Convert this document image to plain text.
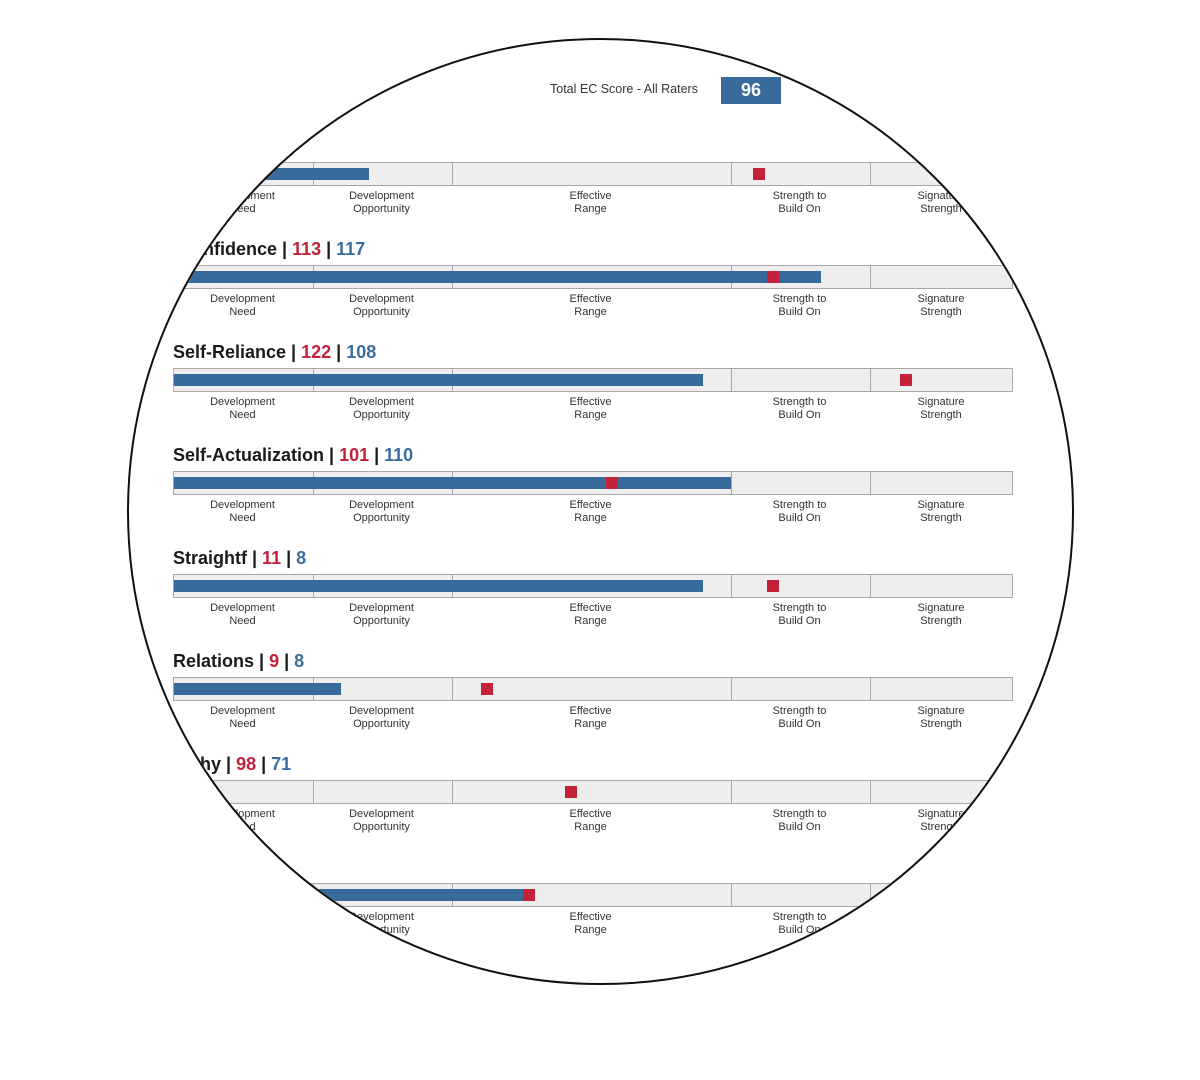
Total EC Score - All Raters	96
112 | 84
Development
Need
Development
Opportunity
Effective
Range
Strength to
Build On
Signature
Strength
-Confidence | 113 | 117
Development
Need
Development
Opportunity
Effective
Range
Strength to
Build On
Signature
Strength
Self-Reliance | 122 | 108
Development
Need
Development
Opportunity
Effective
Range
Strength to
Build On
Signature
Strength
Self-Actualization | 101 | 110
Development
Need
Development
Opportunity
Effective
Range
Strength to
Build On
Signature
Strength
Straightf | 11 | 8
Development
Need
Development
Opportunity
Effective
Range
Strength to
Build On
Signature
Strength
Relations | 9 | 8
Development
Need
Development
Opportunity
Effective
Range
Strength to
Build On
Signature
Strength
pathy | 98 | 71
Development
Need
Development
Opportunity
Effective
Range
Strength to
Build On
Signature
Strength
95 | 95
Development
Need
Development
Opportunity
Effective
Range
Strength to
Build On
Signature
Strength
